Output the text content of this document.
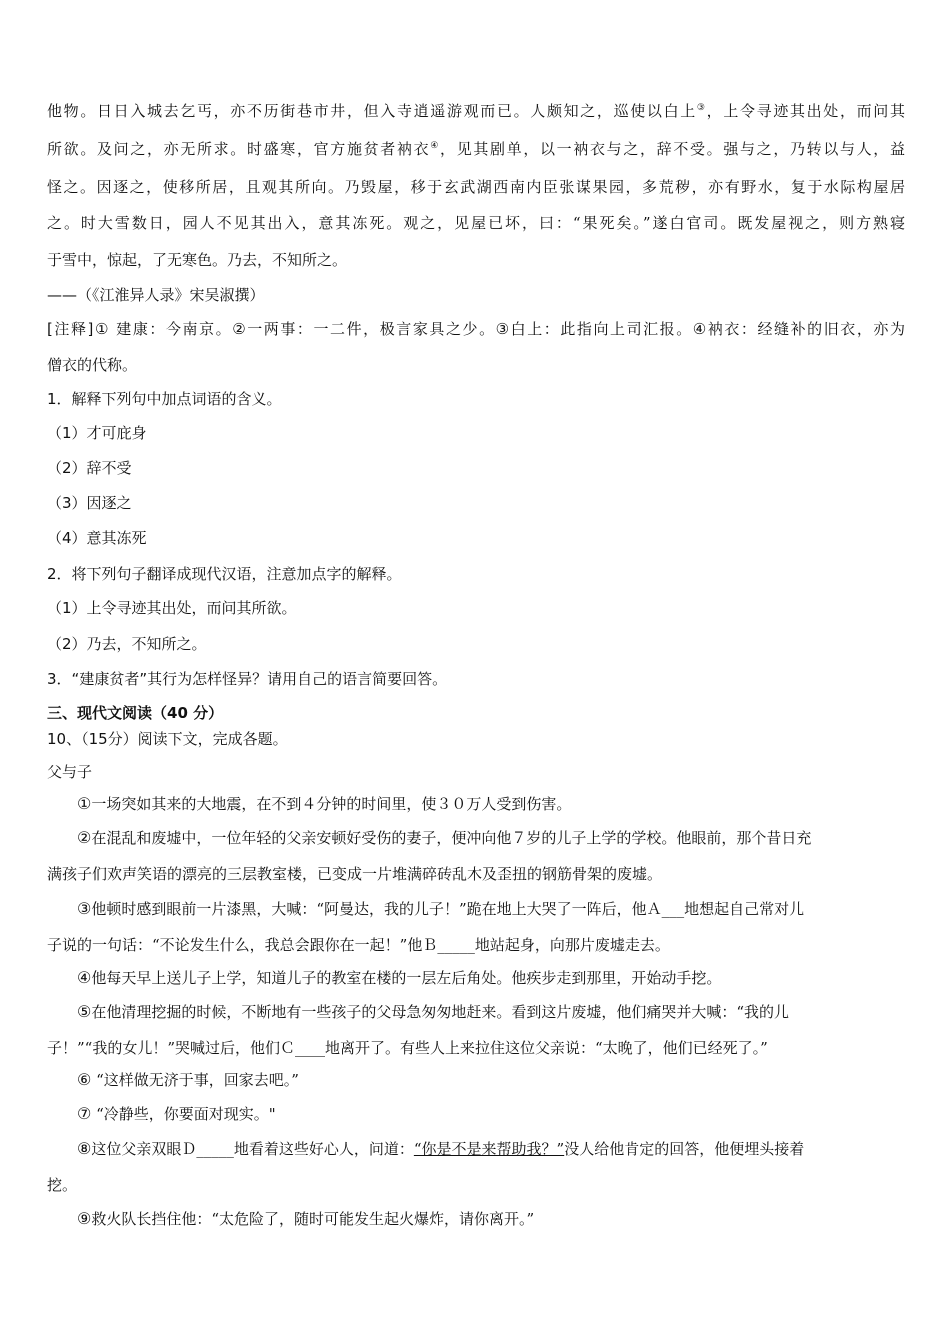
他物。日日入城去乞丐，亦不历街巷市井，但入寺逍遥游观而已。人颇知之，巡使以白上③，上令寻迹其出处，而问其
所欲。及问之，亦无所求。时盛寒，官方施贫者衲衣④，见其剧单，以一衲衣与之，辞不受。强与之，乃转以与人，益
怪之。因逐之，使移所居，且观其所向。乃毁屋，移于玄武湖西南内臣张谋果园，多荒秽，亦有野水，复于水际构屋居
之。时大雪数日，园人不见其出入，意其冻死。观之，见屋已坏，曰：“果死矣。”遂白官司。既发屋视之，则方熟寝
于雪中，惊起，了无寒色。乃去，不知所之。
——（《江淮异人录》宋吴淑撰）
[注释]① 建康：今南京。②一两事：一二件，极言家具之少。③白上：此指向上司汇报。④衲衣：经缝补的旧衣，亦为
僧衣的代称。
1．解释下列句中加点词语的含义。
（1）才可庇身
（2）辞不受
（3）因逐之
（4）意其冻死
2．将下列句子翻译成现代汉语，注意加点字的解释。
（1）上令寻迹其出处，而问其所欲。
（2）乃去，不知所之。
3．“建康贫者”其行为怎样怪异？请用自己的语言简要回答。
三、现代文阅读（40 分）
10、（15分）阅读下文，完成各题。
父与子
①一场突如其来的大地震，在不到４分钟的时间里，使３０万人受到伤害。
②在混乱和废墟中，一位年轻的父亲安顿好受伤的妻子，便冲向他７岁的儿子上学的学校。他眼前，那个昔日充
满孩子们欢声笑语的漂亮的三层教室楼，已变成一片堆满碎砖乱木及歪扭的钢筋骨架的废墟。
③他顿时感到眼前一片漆黑，大喊：“阿曼达，我的儿子！”跪在地上大哭了一阵后，他Ａ___地想起自己常对儿
子说的一句话：“不论发生什么，我总会跟你在一起！”他Ｂ_____地站起身，向那片废墟走去。
④他每天早上送儿子上学，知道儿子的教室在楼的一层左后角处。他疾步走到那里，开始动手挖。
⑤在他清理挖掘的时候，不断地有一些孩子的父母急匆匆地赶来。看到这片废墟，他们痛哭并大喊：“我的儿
子！”“我的女儿！”哭喊过后，他们Ｃ____地离开了。有些人上来拉住这位父亲说：“太晚了，他们已经死了。”
⑥ “这样做无济于事，回家去吧。”
⑦ “冷静些，你要面对现实。"
⑧这位父亲双眼Ｄ_____地看着这些好心人，问道：“你是不是来帮助我？”没人给他肯定的回答，他便埋头接着
挖。
⑨救火队长挡住他：“太危险了，随时可能发生起火爆炸，请你离开。”
